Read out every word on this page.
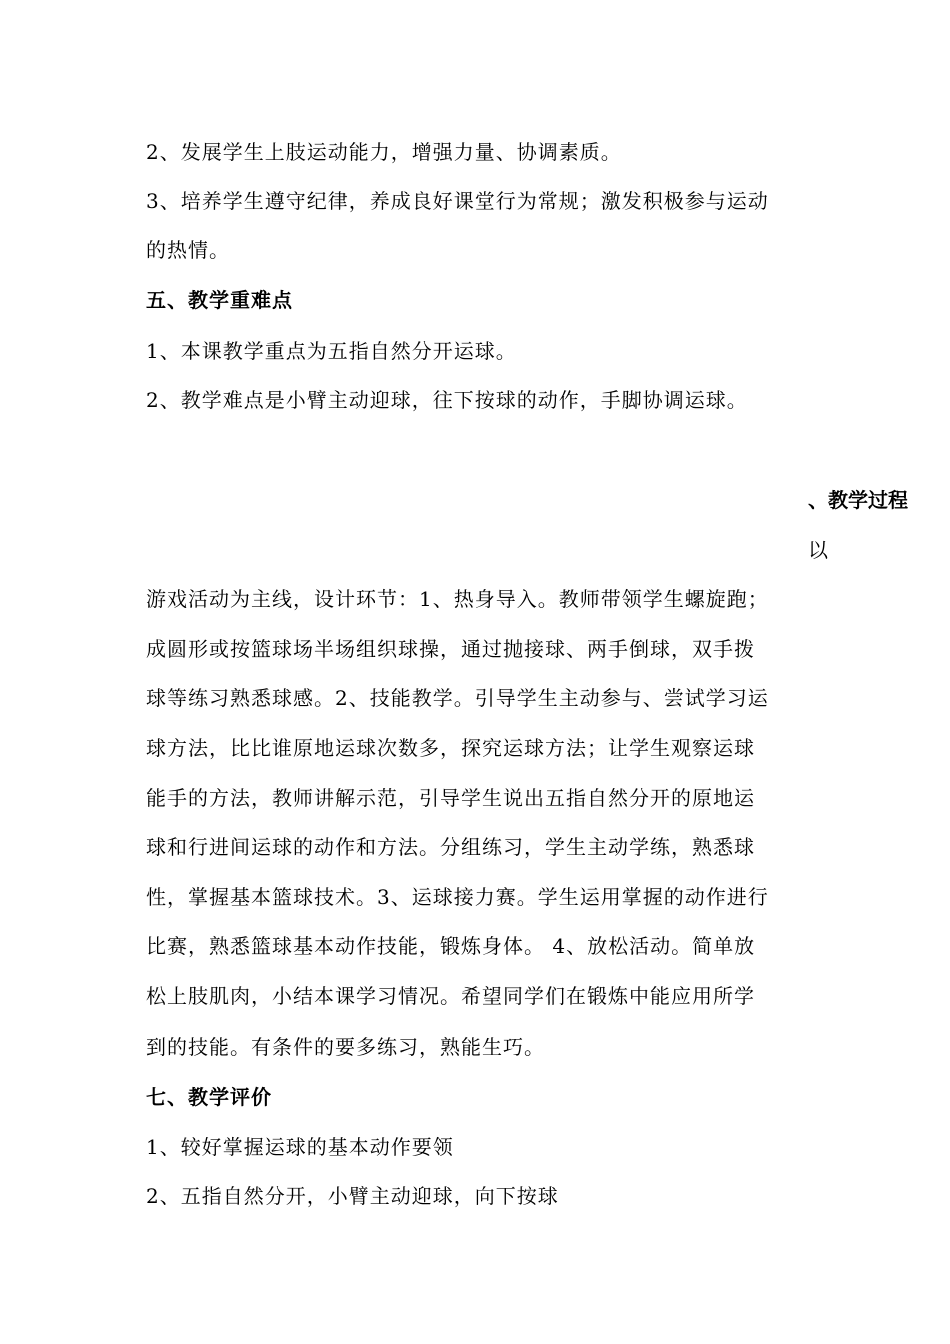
2、发展学生上肢运动能力，增强力量、协调素质。
3、培养学生遵守纪律，养成良好课堂行为常规；激发积极参与运动
的热情。
五、教学重难点
1、本课教学重点为五指自然分开运球。
2、教学难点是小臂主动迎球，往下按球的动作，手脚协调运球。
、教学过程
以
游戏活动为主线，设计环节：1、热身导入。教师带领学生螺旋跑；
成圆形或按篮球场半场组织球操，通过抛接球、两手倒球，双手拨
球等练习熟悉球感。2、技能教学。引导学生主动参与、尝试学习运
球方法，比比谁原地运球次数多，探究运球方法；让学生观察运球
能手的方法，教师讲解示范，引导学生说出五指自然分开的原地运
球和行进间运球的动作和方法。分组练习，学生主动学练，熟悉球
性，掌握基本篮球技术。3、运球接力赛。学生运用掌握的动作进行
比赛，熟悉篮球基本动作技能，锻炼身体。 4、放松活动。简单放
松上肢肌肉，小结本课学习情况。希望同学们在锻炼中能应用所学
到的技能。有条件的要多练习，熟能生巧。
七、教学评价
1、较好掌握运球的基本动作要领
2、五指自然分开，小臂主动迎球，向下按球
